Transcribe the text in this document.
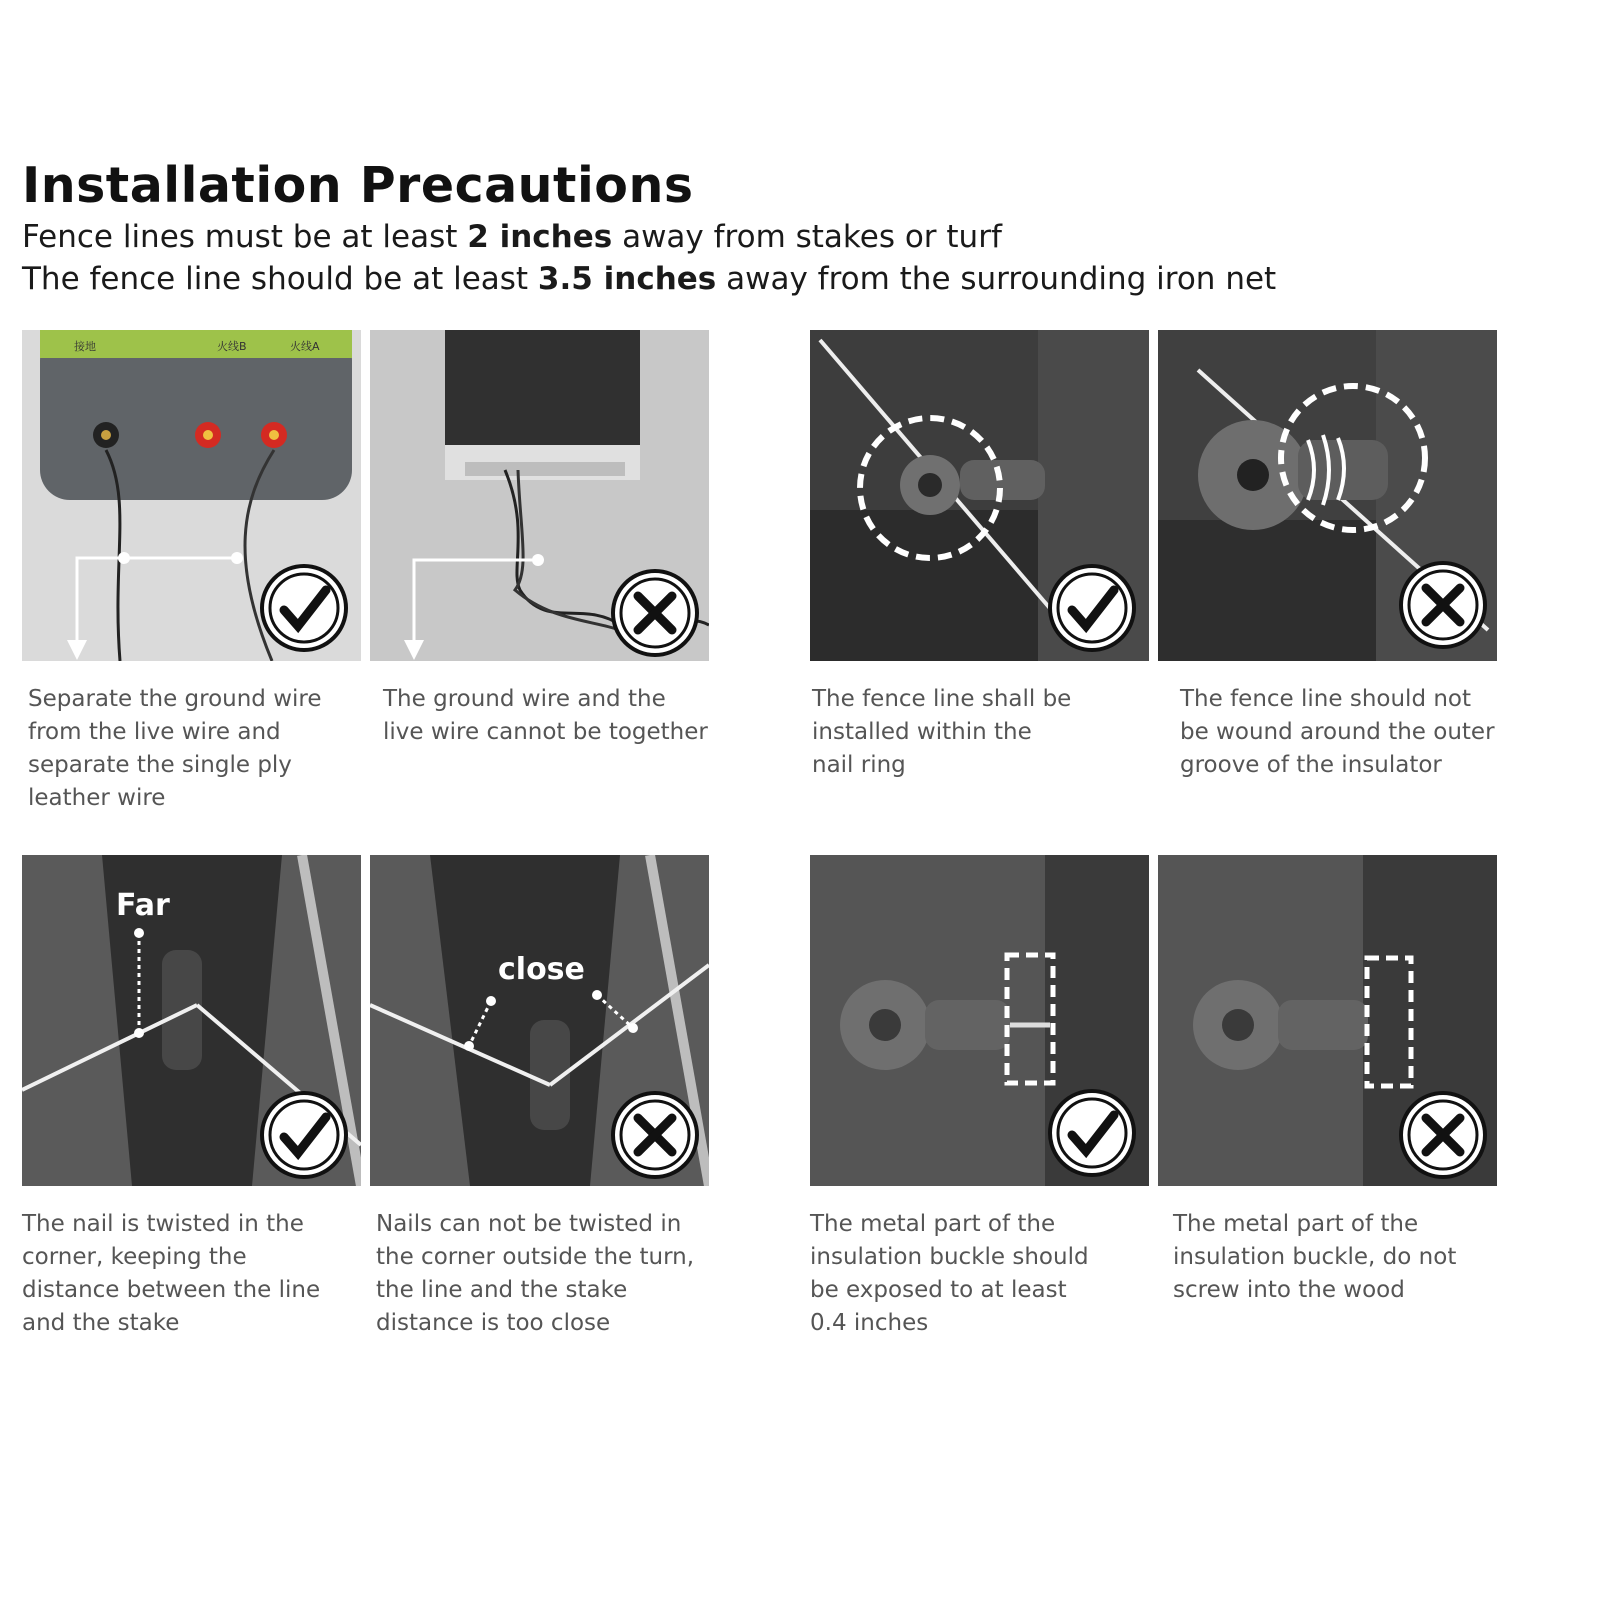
Installation Precautions
Fence lines must be at least 2 inches away from stakes or turf
The fence line should be at least 3.5 inches away from the surrounding iron net
接地	火线B	火线A
Far
close

Separate the ground wire
from the live wire and
separate the single ply
leather wire

The ground wire and the
live wire cannot be together

The fence line shall be
installed within the
nail ring

The fence line should not
be wound around the outer
groove of the insulator

The nail is twisted in the
corner, keeping the
distance between the line
and the stake

Nails can not be twisted in
the corner outside the turn,
the line and the stake
distance is too close

The metal part of the
insulation buckle should
be exposed to at least
0.4 inches

The metal part of the
insulation buckle, do not
screw into the wood
